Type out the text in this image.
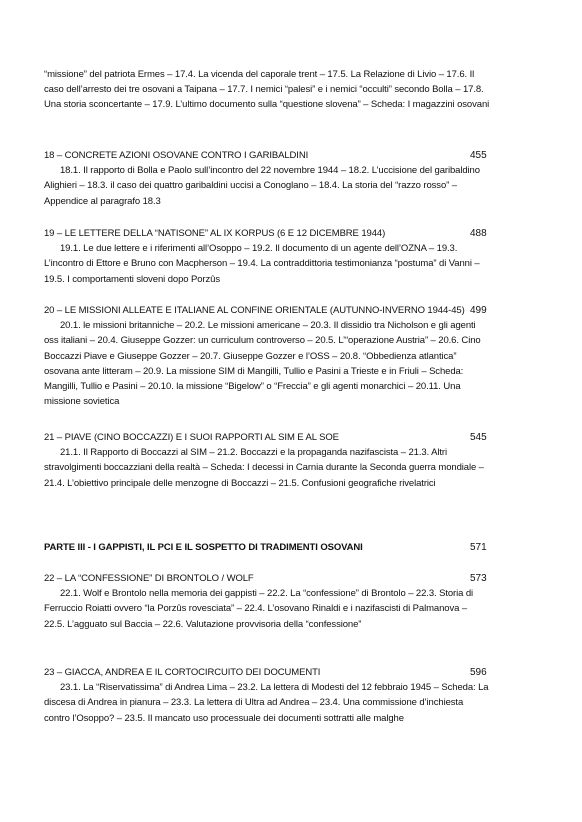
“missione” del patriota Ermes – 17.4. La vicenda del caporale trent – 17.5. La Relazione di Livio – 17.6. Il caso dell’arresto dei tre osovani a Taipana – 17.7. I nemici “palesi” e i nemici “occulti” secondo Bolla – 17.8. Una storia sconcertante – 17.9. L’ultimo documento sulla “questione slovena” – Scheda: I magazzini osovani

18 – CONCRETE AZIONI OSOVANE CONTRO I GARIBALDINI

18.1. Il rapporto di Bolla e Paolo sull’incontro del 22 novembre 1944 – 18.2. L’uccisione del garibaldino Alighieri – 18.3. il caso dei quattro garibaldini uccisi a Conoglano – 18.4. La storia del “razzo rosso” – Appendice al paragrafo 18.3

455

19 – LE LETTERE DELLA “NATISONE” AL IX KORPUS (6 E 12 DICEMBRE 1944)

19.1. Le due lettere e i riferimenti all’Osoppo – 19.2. Il documento di un agente dell’OZNA – 19.3. L’incontro di Ettore e Bruno con Macpherson – 19.4. La contraddittoria testimonianza “postuma” di Vanni – 19.5. I comportamenti sloveni dopo Porzûs

488

20 – LE MISSIONI ALLEATE E ITALIANE AL CONFINE ORIENTALE (AUTUNNO-INVERNO 1944-45)

20.1. le missioni britanniche – 20.2. Le missioni americane – 20.3. Il dissidio tra Nicholson e gli agenti oss italiani – 20.4. Giuseppe Gozzer: un curriculum controverso – 20.5. L’“operazione Austria” – 20.6. Cino Boccazzi Piave e Giuseppe Gozzer – 20.7. Giuseppe Gozzer e l’OSS – 20.8. “Obbedienza atlantica” osovana ante litteram – 20.9. La missione SIM di Mangilli, Tullio e Pasini a Trieste e in Friuli – Scheda: Mangilli, Tullio e Pasini – 20.10. la missione “Bigelow” o “Freccia” e gli agenti monarchici – 20.11. Una missione sovietica

499

21 – PIAVE (CINO BOCCAZZI) E I SUOI RAPPORTI AL SIM E AL SOE

21.1. Il Rapporto di Boccazzi al SIM – 21.2. Boccazzi e la propaganda nazifascista – 21.3. Altri stravolgimenti boccazziani della realtà – Scheda: I decessi in Carnia durante la Seconda guerra mondiale – 21.4. L’obiettivo principale delle menzogne di Boccazzi – 21.5. Confusioni geografiche rivelatrici

545

PARTE III - I GAPPISTI, IL PCI E IL SOSPETTO DI TRADIMENTI OSOVANI	571

22 – LA “CONFESSIONE” DI BRONTOLO / WOLF

22.1. Wolf e Brontolo nella memoria dei gappisti – 22.2. La “confessione” di Brontolo – 22.3. Storia di Ferruccio Roiatti ovvero “la Porzûs rovesciata” – 22.4. L’osovano Rinaldi e i nazifascisti di Palmanova – 22.5. L’agguato sul Baccia – 22.6. Valutazione provvisoria della “confessione”

573

23 – GIACCA, ANDREA E IL CORTOCIRCUITO DEI DOCUMENTI

23.1. La “Riservatissima” di Andrea Lima – 23.2. La lettera di Modesti del 12 febbraio 1945 – Scheda: La discesa di Andrea in pianura – 23.3. La lettera di Ultra ad Andrea – 23.4. Una commissione d’inchiesta contro l’Osoppo? – 23.5. Il mancato uso processuale dei documenti sottratti alle malghe

596
